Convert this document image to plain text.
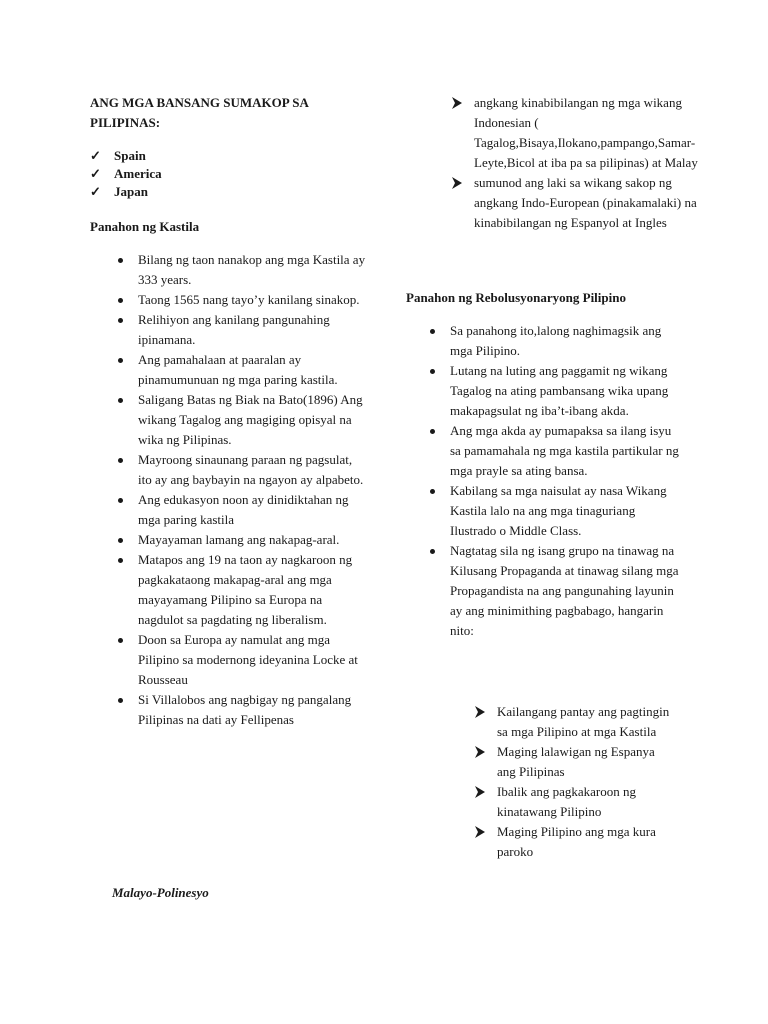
ANG MGA BANSANG SUMAKOP SA PILIPINAS:
✓ Spain
✓ America
✓ Japan
Panahon ng Kastila
Bilang ng taon nanakop ang mga Kastila ay 333 years.
Taong 1565 nang tayo’y kanilang sinakop.
Relihiyon ang kanilang pangunahing ipinamana.
Ang pamahalaan at paaralan ay pinamumunuan ng mga paring kastila.
Saligang Batas ng Biak na Bato(1896) Ang wikang Tagalog ang magiging opisyal na wika ng Pilipinas.
Mayroong sinaunang paraan ng pagsulat, ito ay ang baybayin na ngayon ay alpabeto.
Ang edukasyon noon ay dinidiktahan ng mga paring kastila
Mayayaman lamang ang nakapag-aral.
Matapos ang 19 na taon ay nagkaroon ng pagkakataong makapag-aral ang mga mayayamang Pilipino sa Europa na nagdulot sa pagdating ng liberalism.
Doon sa Europa ay namulat ang mga Pilipino sa modernong ideyanina Locke at Rousseau
Si Villalobos ang nagbigay ng pangalang Pilipinas na dati ay Fellipenas
Malayo-Polinesyo
angkang kinabibilangan ng mga wikang Indonesian ( Tagalog,Bisaya,Ilokano,pampango,Samar-Leyte,Bicol at iba pa sa pilipinas) at Malay
sumunod ang laki sa wikang sakop ng angkang Indo-European (pinakamalaki) na kinabibilangan ng Espanyol at Ingles
Panahon ng Rebolusyonaryong Pilipino
Sa panahong ito,lalong naghimagsik ang mga Pilipino.
Lutang na luting ang paggamit ng wikang Tagalog na ating pambansang wika upang makapagsulat ng iba’t-ibang akda.
Ang mga akda ay pumapaksa sa ilang isyu sa pamamahala ng mga kastila partikular ng mga prayle sa ating bansa.
Kabilang sa mga naisulat ay nasa Wikang Kastila lalo na ang mga tinaguriang Ilustrado o Middle Class.
Nagtatag sila ng isang grupo na tinawag na Kilusang Propaganda at tinawag silang mga Propagandista na ang pangunahing layunin ay ang minimithing pagbabago, hangarin nito:
Kailangang pantay ang pagtingin sa mga Pilipino at mga Kastila
Maging lalawigan ng Espanya ang Pilipinas
Ibalik ang pagkakaroon ng kinatawang Pilipino
Maging Pilipino ang mga kura paroko
